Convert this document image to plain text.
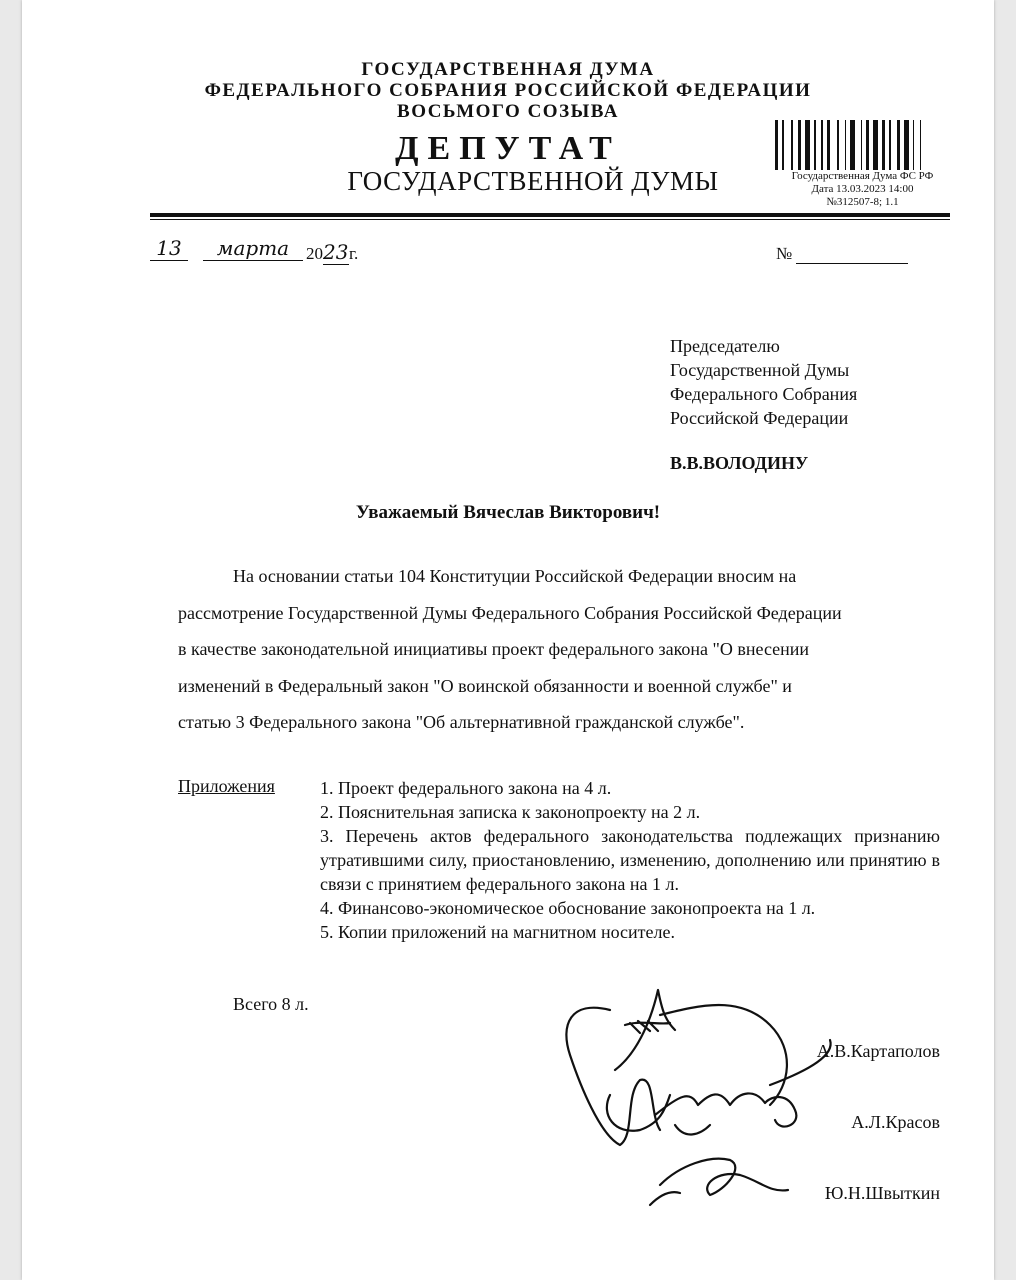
ГОСУДАРСТВЕННАЯ ДУМА
ФЕДЕРАЛЬНОГО СОБРАНИЯ РОССИЙСКОЙ ФЕДЕРАЦИИ
ВОСЬМОГО СОЗЫВА
ДЕПУТАТ
ГОСУДАРСТВЕННОЙ ДУМЫ	Государственная Дума ФС РФ
Дата 13.03.2023 14:00
№312507-8; 1.1
13	марта 2023г.	№
Председателю
Государственной Думы
Федерального Собрания
Российской Федерации
В.В.ВОЛОДИНУ
Уважаемый Вячеслав Викторович!
На основании статьи 104 Конституции Российской Федерации вносим на
рассмотрение Государственной Думы Федерального Собрания Российской Федерации
в качестве законодательной инициативы проект федерального закона "О внесении
изменений в Федеральный закон "О воинской обязанности и военной службе" и
статью 3 Федерального закона "Об альтернативной гражданской службе".
Приложения	1. Проект федерального закона на 4 л.
2. Пояснительная записка к законопроекту на 2 л.
3. Перечень актов федерального законодательства подлежащих признанию утратившими силу, приостановлению, изменению, дополнению или принятию в связи с принятием федерального закона на 1 л.
4. Финансово-экономическое обоснование законопроекта на 1 л.
5. Копии приложений на магнитном носителе.
Всего 8 л.
А.В.Картаполов
А.Л.Красов
Ю.Н.Швыткин
